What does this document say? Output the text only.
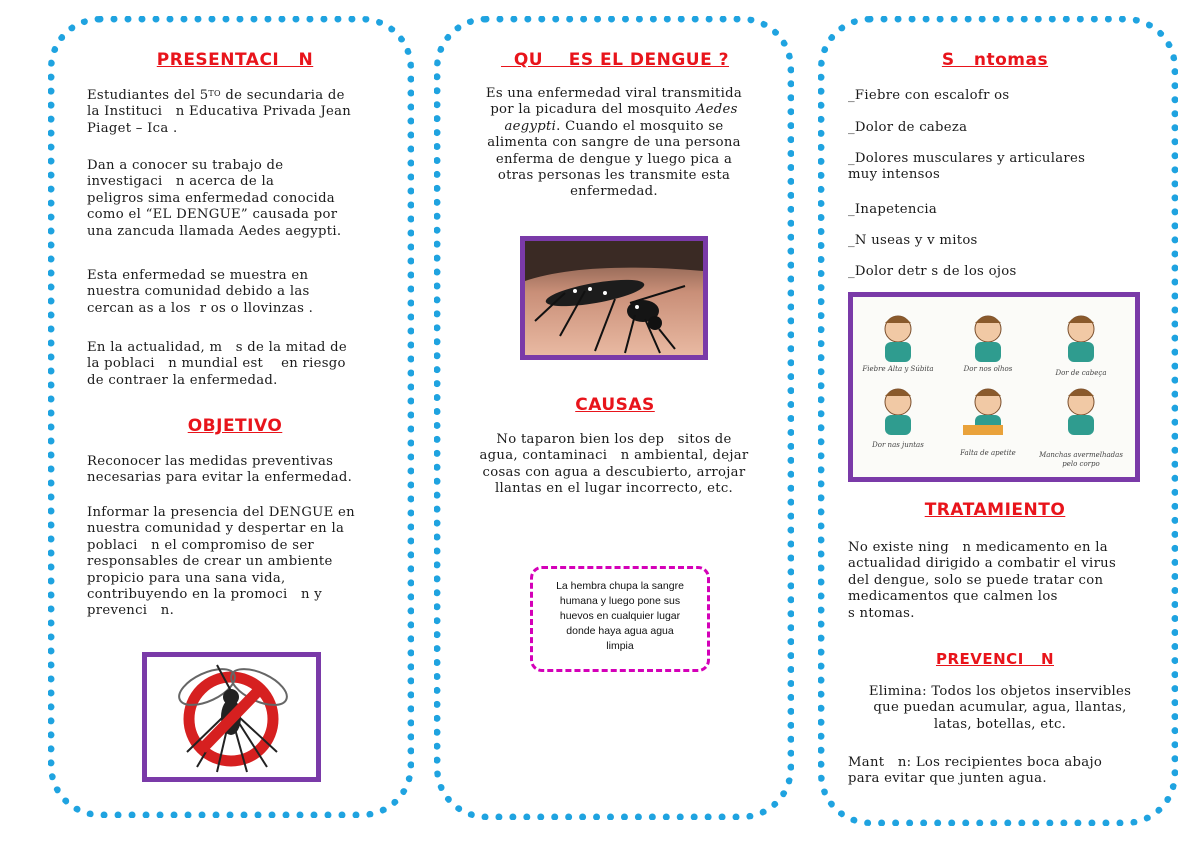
PRESENTACI   N

Estudiantes del $5^{TO}$ de secundaria de
la Instituci   n Educativa Privada Jean
Piaget – Ica .

Dan a conocer su trabajo de
investigaci   n acerca de la
peligros sima enfermedad conocida
como el “EL DENGUE” causada por
una zancuda llamada Aedes aegypti.

Esta enfermedad se muestra en
nuestra comunidad debido a las
cercan as a los  r os o llovinzas .

En la actualidad, m   s de la mitad de
la poblaci   n mundial est    en riesgo
de contraer la enfermedad.

OBJETIVO

Reconocer las medidas preventivas
necesarias para evitar la enfermedad.

Informar la presencia del DENGUE en
nuestra comunidad y despertar en la
poblaci   n el compromiso de ser
responsables de crear un ambiente
propicio para una sana vida,
contribuyendo en la promoci   n y
prevenci   n.

QU    ES EL DENGUE ?

Es una enfermedad viral transmitida
por la picadura del mosquito Aedes
aegypti. Cuando el mosquito se
alimenta con sangre de una persona
enferma de dengue y luego pica a
otras personas les transmite esta
enfermedad.

CAUSAS

No taparon bien los dep   sitos de
agua, contaminaci   n ambiental, dejar
cosas con agua a descubierto, arrojar
llantas en el lugar incorrecto, etc.

La hembra chupa la sangre
humana y luego pone sus
huevos en cualquier lugar
donde haya agua agua
limpia
S   ntomas

_Fiebre con escalofr os

_Dolor de cabeza

_Dolores musculares y articulares
muy intensos

_Inapetencia

_N useas y v mitos

_Dolor detr s de los ojos

Fiebre Alta y Súbita	Dor nos olhos	Dor de cabeça
Dor nas juntas
Falta de apetite	Manchas avermelhadas
pelo corpo
TRATAMIENTO

No existe ning   n medicamento en la
actualidad dirigido a combatir el virus
del dengue, solo se puede tratar con
medicamentos que calmen los
s ntomas.

PREVENCI   N

Elimina: Todos los objetos inservibles
que puedan acumular, agua, llantas,
latas, botellas, etc.

Mant   n: Los recipientes boca abajo
para evitar que junten agua.
